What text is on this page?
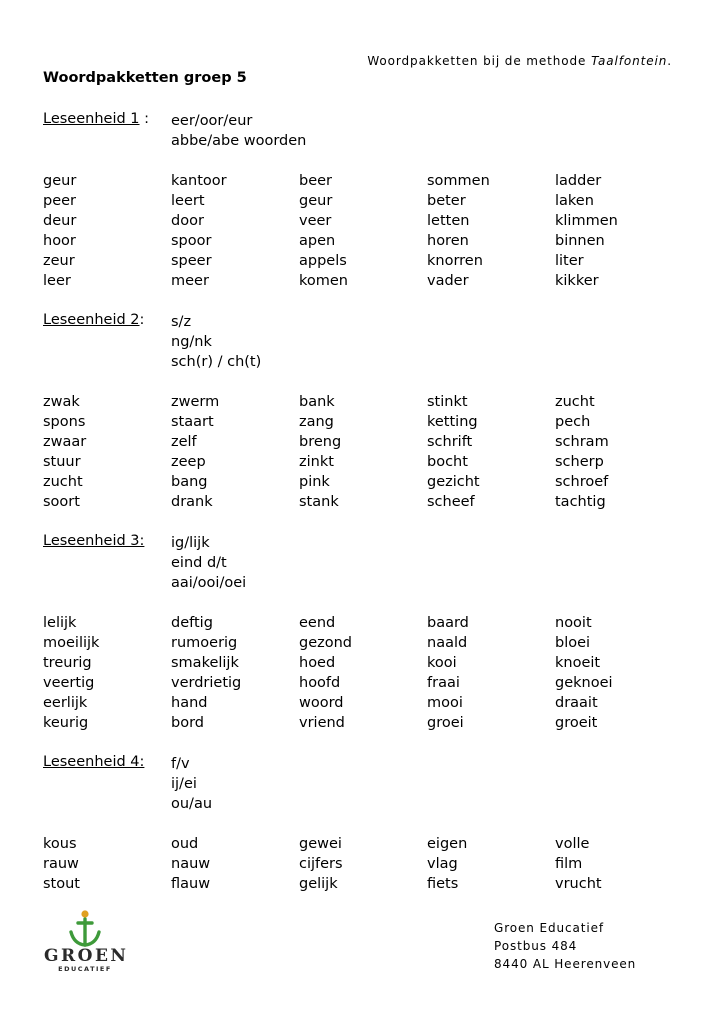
Woordpakketten bij de methode Taalfontein.
Woordpakketten groep 5
Leseenheid 1 : eer/oor/eur
abbe/abe woorden
geur	kantoor	beer	sommen	ladder
peer	leert	geur	beter	laken
deur	door	veer	letten	klimmen
hoor	spoor	apen	horen	binnen
zeur	speer	appels	knorren	liter
leer	meer	komen	vader	kikker
Leseenheid 2: s/z
ng/nk
sch(r) / ch(t)
zwak	zwerm	bank	stinkt	zucht
spons	staart	zang	ketting	pech
zwaar	zelf	breng	schrift	schram
stuur	zeep	zinkt	bocht	scherp
zucht	bang	pink	gezicht	schroef
soort	drank	stank	scheef	tachtig
Leseenheid 3: ig/lijk
eind d/t
aai/ooi/oei
lelijk	deftig	eend	baard	nooit
moeilijk	rumoerig	gezond	naald	bloei
treurig	smakelijk	hoed	kooi	knoeit
veertig	verdrietig	hoofd	fraai	geknoei
eerlijk	hand	woord	mooi	draait
keurig	bord	vriend	groei	groeit
Leseenheid 4: f/v
ij/ei
ou/au
kous	oud	gewei	eigen	volle
rauw	nauw	cijfers	vlag	film
stout	flauw	gelijk	fiets	vrucht
GROEN
EDUCATIEF
Groen Educatief
Postbus 484
8440 AL Heerenveen
